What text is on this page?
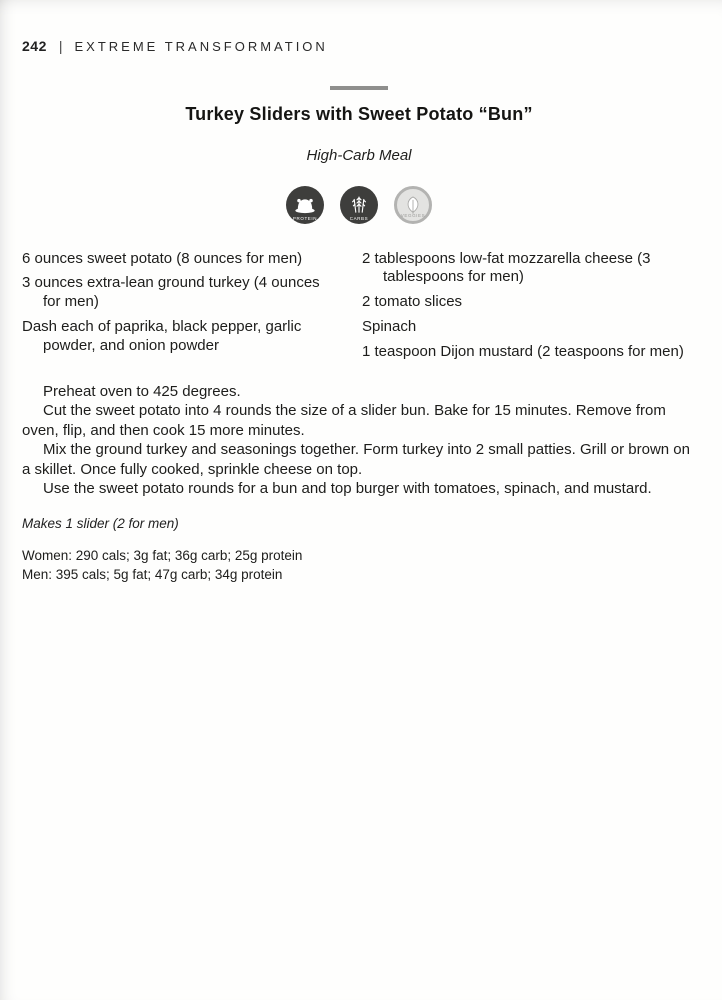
242 | EXTREME TRANSFORMATION
Turkey Sliders with Sweet Potato “Bun”
High-Carb Meal
PROTEIN	CARBS
VEGGIES

6 ounces sweet potato (8 ounces for men)

3 ounces extra-lean ground turkey (4 ounces for men)

Dash each of paprika, black pepper, garlic powder, and onion powder

2 tablespoons low-fat mozzarella cheese (3 tablespoons for men)

2 tomato slices

Spinach

1 teaspoon Dijon mustard (2 teaspoons for men)

Preheat oven to 425 degrees.

Cut the sweet potato into 4 rounds the size of a slider bun. Bake for 15 minutes. Remove from oven, flip, and then cook 15 more minutes.

Mix the ground turkey and seasonings together. Form turkey into 2 small patties. Grill or brown on a skillet. Once fully cooked, sprinkle cheese on top.

Use the sweet potato rounds for a bun and top burger with tomatoes, spinach, and mustard.

Makes 1 slider (2 for men)
Women: 290 cals; 3g fat; 36g carb; 25g protein
Men: 395 cals; 5g fat; 47g carb; 34g protein
